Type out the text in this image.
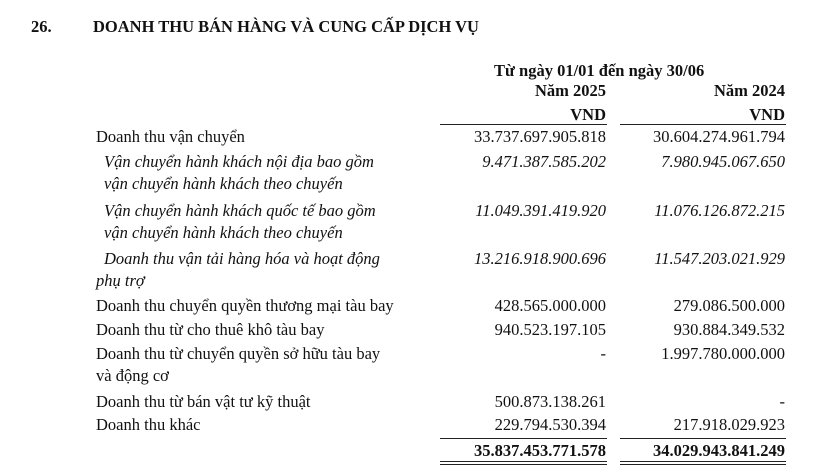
26.	DOANH THU BÁN HÀNG VÀ CUNG CẤP DỊCH VỤ
Từ ngày 01/01 đến ngày 30/06
Năm 2025	Năm 2024
VND	VND
Doanh thu vận chuyển	33.737.697.905.818	30.604.274.961.794
Vận chuyển hành khách nội địa bao gồm
vận chuyển hành khách theo chuyến
9.471.387.585.202	7.980.945.067.650
Vận chuyển hành khách quốc tế bao gồm
vận chuyển hành khách theo chuyến
11.049.391.419.920	11.076.126.872.215
Doanh thu vận tải hàng hóa và hoạt động
phụ trợ
13.216.918.900.696	11.547.203.021.929
Doanh thu chuyển quyền thương mại tàu bay	428.565.000.000	279.086.500.000
Doanh thu từ cho thuê khô tàu bay	940.523.197.105	930.884.349.532
Doanh thu từ chuyển quyền sở hữu tàu bay
và động cơ
-	1.997.780.000.000
Doanh thu từ bán vật tư kỹ thuật	500.873.138.261	-
Doanh thu khác	229.794.530.394	217.918.029.923
35.837.453.771.578	34.029.943.841.249
